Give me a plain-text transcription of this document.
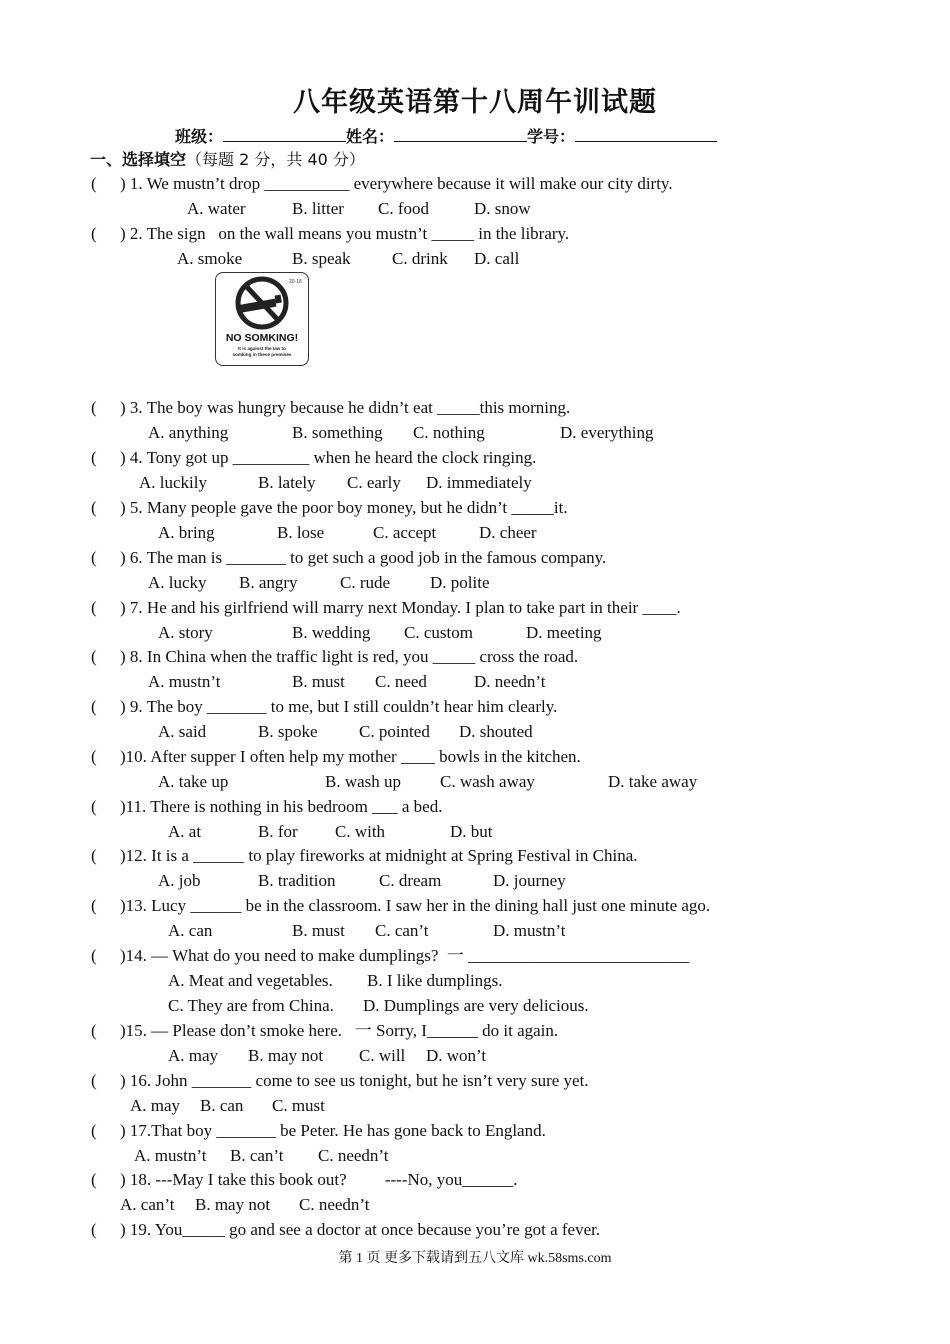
八年级英语第十八周午训试题
班级：	姓名：	学号：
一、选择填空（每题 2 分，共 40 分）
( ) 1. We mustn’t drop __________ everywhere because it will make our city dirty.
A. water	B. litter C. food	D. snow
( ) 2. The sign   on the wall means you mustn’t _____ in the library.
A. smoke	B. speak C. drink D. call
( ) 3. The boy was hungry because he didn’t eat _____this morning.
A. anything	B. something C. nothing	D. everything
( ) 4. Tony got up _________ when he heard the clock ringing.
A. luckily	B. lately C. early D. immediately
( ) 5. Many people gave the poor boy money, but he didn’t _____it.
A. bring	B. lose	C. accept	D. cheer
( ) 6. The man is _______ to get such a good job in the famous company.
A. lucky B. angry C. rude D. polite
( ) 7. He and his girlfriend will marry next Monday. I plan to take part in their ____.
A. story	B. wedding C. custom	D. meeting
( ) 8. In China when the traffic light is red, you _____ cross the road.
A. mustn’t	B. must C. need	D. needn’t
( ) 9. The boy _______ to me, but I still couldn’t hear him clearly.
A. said	B. spoke C. pointed D. shouted
( )10. After supper I often help my mother ____ bowls in the kitchen.
A. take up	B. wash up C. wash away	D. take away
( )11. There is nothing in his bedroom ___ a bed.
A. at	B. for C. with	D. but
( )12. It is a ______ to play fireworks at midnight at Spring Festival in China.
A. job	B. tradition	C. dream	D. journey
( )13. Lucy ______ be in the classroom. I saw her in the dining hall just one minute ago.
A. can	B. must C. can’t	D. mustn’t
( )14. — What do you need to make dumplings?  一 __________________________
A. Meat and vegetables. B. I like dumplings.
C. They are from China. D. Dumplings are very delicious.
( )15. — Please don’t smoke here.   一 Sorry, I______ do it again.
A. may B. may not C. will D. won’t
( ) 16. John _______ come to see us tonight, but he isn’t very sure yet.
A. may B. can C. must
( ) 17.That boy _______ be Peter. He has gone back to England.
A. mustn’t B. can’t C. needn’t
( ) 18. ---May I take this book out?         ----No, you______.
A. can’t B. may not C. needn’t
( ) 19. You_____ go and see a doctor at once because you’re got a fever.
20-18
NO SOMKING!
It is against the law to
somking in these premises
第 1 页 更多下载请到五八文库 wk.58sms.com
